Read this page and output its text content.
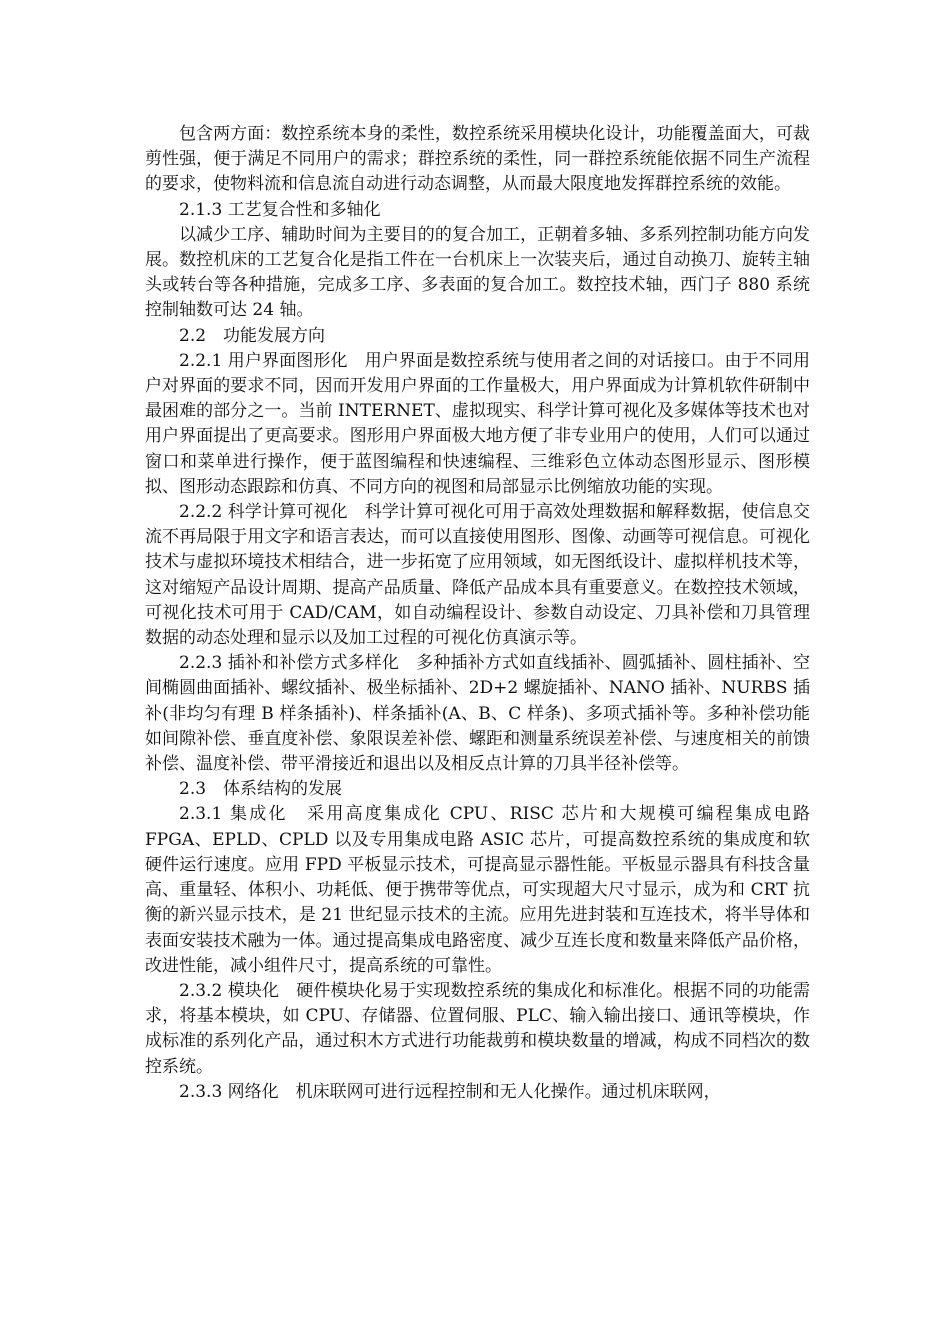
包含两方面：数控系统本身的柔性，数控系统采用模块化设计，功能覆盖面大，可裁剪性强，便于满足不同用户的需求；群控系统的柔性，同一群控系统能依据不同生产流程的要求，使物料流和信息流自动进行动态调整，从而最大限度地发挥群控系统的效能。

2.1.3 工艺复合性和多轴化

以减少工序、辅助时间为主要目的的复合加工，正朝着多轴、多系列控制功能方向发展。数控机床的工艺复合化是指工件在一台机床上一次装夹后，通过自动换刀、旋转主轴头或转台等各种措施，完成多工序、多表面的复合加工。数控技术轴，西门子 880 系统控制轴数可达 24 轴。

2.2　功能发展方向

2.2.1 用户界面图形化　用户界面是数控系统与使用者之间的对话接口。由于不同用户对界面的要求不同，因而开发用户界面的工作量极大，用户界面成为计算机软件研制中最困难的部分之一。当前 INTERNET、虚拟现实、科学计算可视化及多媒体等技术也对用户界面提出了更高要求。图形用户界面极大地方便了非专业用户的使用，人们可以通过窗口和菜单进行操作，便于蓝图编程和快速编程、三维彩色立体动态图形显示、图形模拟、图形动态跟踪和仿真、不同方向的视图和局部显示比例缩放功能的实现。

2.2.2 科学计算可视化　科学计算可视化可用于高效处理数据和解释数据，使信息交流不再局限于用文字和语言表达，而可以直接使用图形、图像、动画等可视信息。可视化技术与虚拟环境技术相结合，进一步拓宽了应用领域，如无图纸设计、虚拟样机技术等，这对缩短产品设计周期、提高产品质量、降低产品成本具有重要意义。在数控技术领域，可视化技术可用于 CAD/CAM，如自动编程设计、参数自动设定、刀具补偿和刀具管理数据的动态处理和显示以及加工过程的可视化仿真演示等。

2.2.3 插补和补偿方式多样化　多种插补方式如直线插补、圆弧插补、圆柱插补、空间椭圆曲面插补、螺纹插补、极坐标插补、2D+2 螺旋插补、NANO 插补、NURBS 插补(非均匀有理 B 样条插补)、样条插补(A、B、C 样条)、多项式插补等。多种补偿功能如间隙补偿、垂直度补偿、象限误差补偿、螺距和测量系统误差补偿、与速度相关的前馈补偿、温度补偿、带平滑接近和退出以及相反点计算的刀具半径补偿等。

2.3　体系结构的发展

2.3.1 集成化　采用高度集成化 CPU、RISC 芯片和大规模可编程集成电路 FPGA、EPLD、CPLD 以及专用集成电路 ASIC 芯片，可提高数控系统的集成度和软硬件运行速度。应用 FPD 平板显示技术，可提高显示器性能。平板显示器具有科技含量高、重量轻、体积小、功耗低、便于携带等优点，可实现超大尺寸显示，成为和 CRT 抗衡的新兴显示技术，是 21 世纪显示技术的主流。应用先进封装和互连技术，将半导体和表面安装技术融为一体。通过提高集成电路密度、减少互连长度和数量来降低产品价格，改进性能，减小组件尺寸，提高系统的可靠性。

2.3.2 模块化　硬件模块化易于实现数控系统的集成化和标准化。根据不同的功能需求，将基本模块，如 CPU、存储器、位置伺服、PLC、输入输出接口、通讯等模块，作成标准的系列化产品，通过积木方式进行功能裁剪和模块数量的增减，构成不同档次的数控系统。

2.3.3 网络化　机床联网可进行远程控制和无人化操作。通过机床联网，
